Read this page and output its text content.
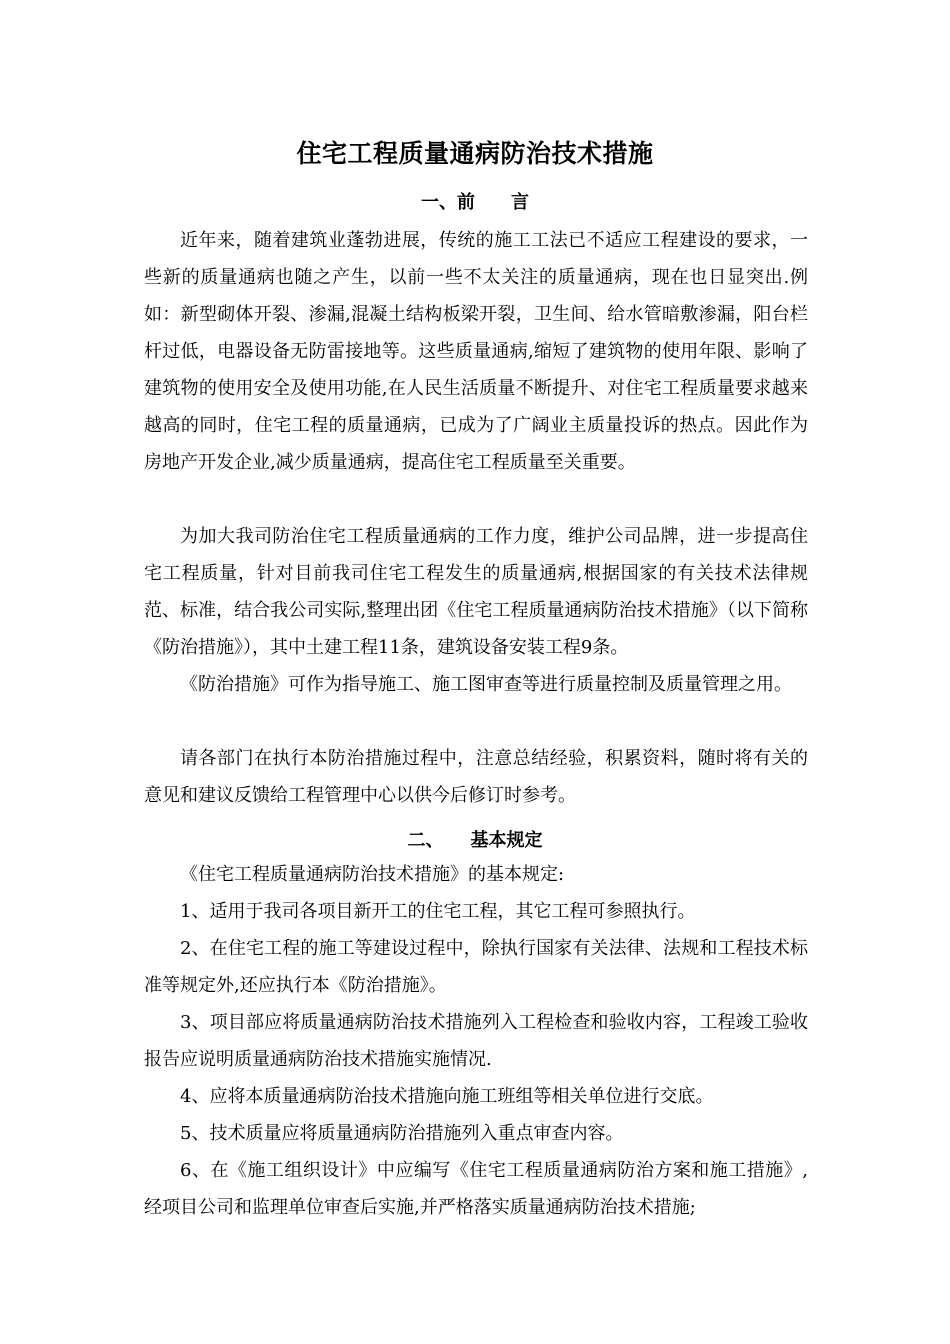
住宅工程质量通病防治技术措施
一、前　　言
近年来，随着建筑业蓬勃进展，传统的施工工法已不适应工程建设的要求，一些新的质量通病也随之产生，以前一些不太关注的质量通病，现在也日显突出.例如：新型砌体开裂、渗漏,混凝土结构板梁开裂，卫生间、给水管暗敷渗漏，阳台栏杆过低，电器设备无防雷接地等。这些质量通病,缩短了建筑物的使用年限、影响了建筑物的使用安全及使用功能,在人民生活质量不断提升、对住宅工程质量要求越来越高的同时，住宅工程的质量通病，已成为了广阔业主质量投诉的热点。因此作为房地产开发企业,减少质量通病，提高住宅工程质量至关重要。
为加大我司防治住宅工程质量通病的工作力度，维护公司品牌，进一步提高住宅工程质量，针对目前我司住宅工程发生的质量通病,根据国家的有关技术法律规范、标准，结合我公司实际,整理出团《住宅工程质量通病防治技术措施》（以下简称《防治措施》），其中土建工程11条，建筑设备安装工程9条。
《防治措施》可作为指导施工、施工图审查等进行质量控制及质量管理之用。
请各部门在执行本防治措施过程中，注意总结经验，积累资料，随时将有关的意见和建议反馈给工程管理中心以供今后修订时参考。
二、　　基本规定
《住宅工程质量通病防治技术措施》的基本规定:
1、适用于我司各项目新开工的住宅工程，其它工程可参照执行。
2、在住宅工程的施工等建设过程中，除执行国家有关法律、法规和工程技术标准等规定外,还应执行本《防治措施》。
3、项目部应将质量通病防治技术措施列入工程检查和验收内容，工程竣工验收报告应说明质量通病防治技术措施实施情况.
4、应将本质量通病防治技术措施向施工班组等相关单位进行交底。
5、技术质量应将质量通病防治措施列入重点审查内容。
6、在《施工组织设计》中应编写《住宅工程质量通病防治方案和施工措施》,经项目公司和监理单位审查后实施,并严格落实质量通病防治技术措施;
